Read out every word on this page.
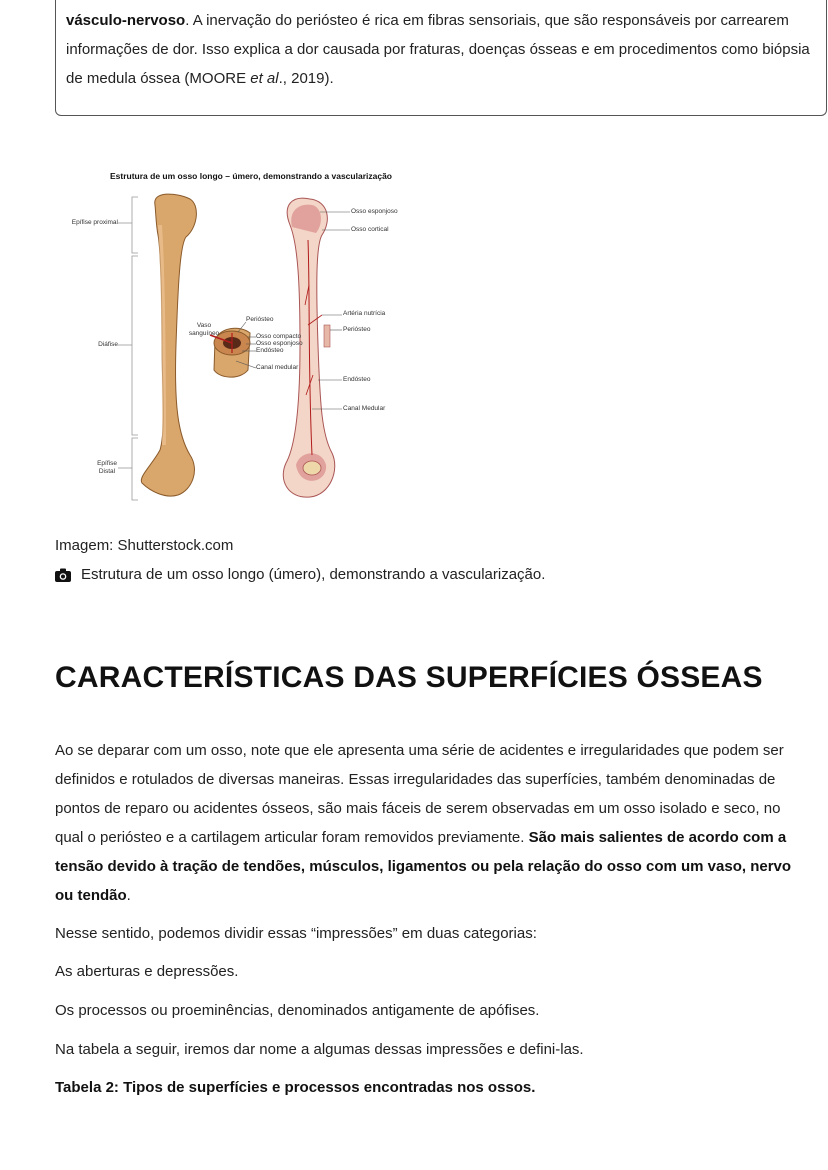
vásculo-nervoso. A inervação do periósteo é rica em fibras sensoriais, que são responsáveis por carrearem informações de dor. Isso explica a dor causada por fraturas, doenças ósseas e em procedimentos como biópsia de medula óssea (MOORE et al., 2019).

Estrutura de um osso longo – úmero, demonstrando a vascularização
Epífise proximal
Diáfise
Epífise Distal
Vaso sanguíneo
Periósteo
Osso compacto
Osso esponjoso
Endósteo
Canal medular
Osso esponjoso
Osso cortical
Artéria nutrícia
Periósteo
Endósteo
Canal Medular
Imagem: Shutterstock.com
Estrutura de um osso longo (úmero), demonstrando a vascularização.
CARACTERÍSTICAS DAS SUPERFÍCIES ÓSSEAS

Ao se deparar com um osso, note que ele apresenta uma série de acidentes e irregularidades que podem ser definidos e rotulados de diversas maneiras. Essas irregularidades das superfícies, também denominadas de pontos de reparo ou acidentes ósseos, são mais fáceis de serem observadas em um osso isolado e seco, no qual o periósteo e a cartilagem articular foram removidos previamente. São mais salientes de acordo com a tensão devido à tração de tendões, músculos, ligamentos ou pela relação do osso com um vaso, nervo ou tendão.

Nesse sentido, podemos dividir essas “impressões” em duas categorias:

As aberturas e depressões.

Os processos ou proeminências, denominados antigamente de apófises.

Na tabela a seguir, iremos dar nome a algumas dessas impressões e defini-las.

Tabela 2: Tipos de superfícies e processos encontradas nos ossos.
